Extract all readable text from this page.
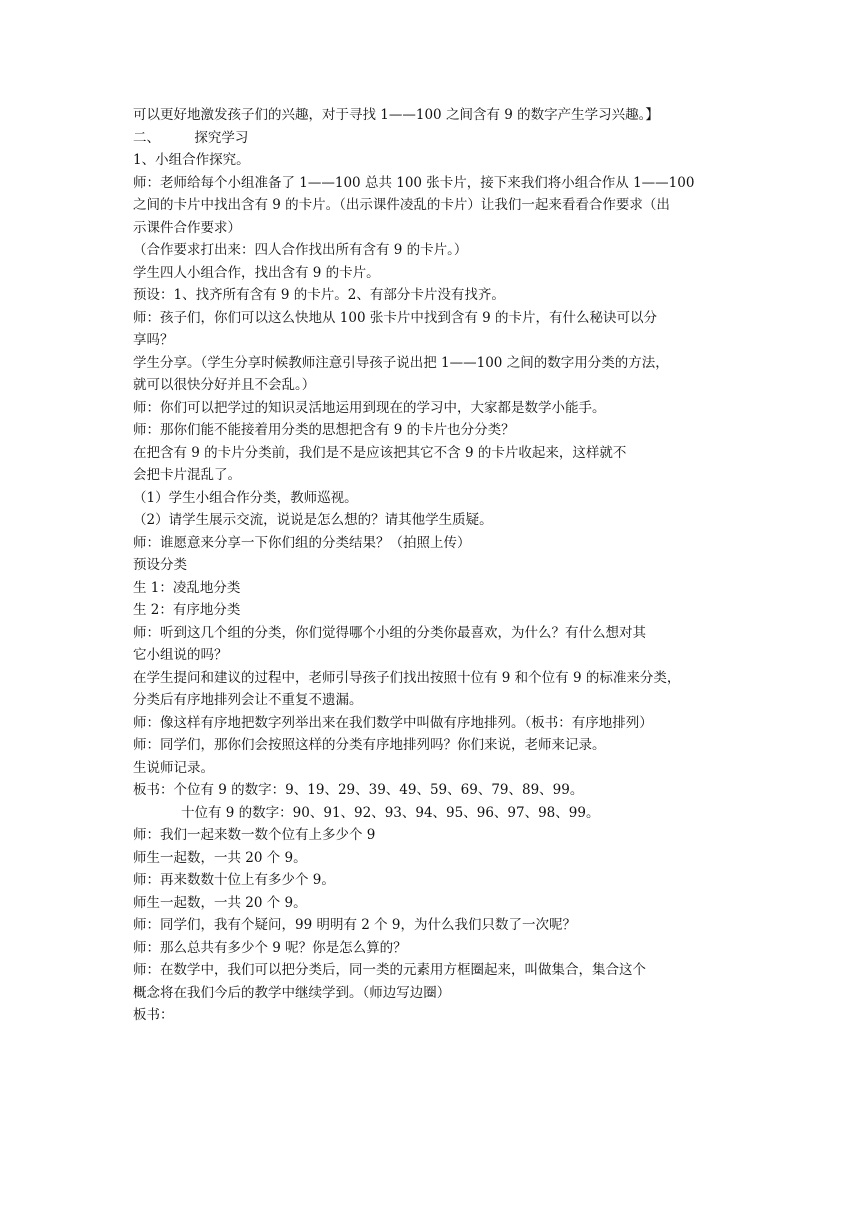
可以更好地激发孩子们的兴趣，对于寻找 1——100 之间含有 9 的数字产生学习兴趣。】
二、        探究学习
1、小组合作探究。
师：老师给每个小组准备了 1——100 总共 100 张卡片，接下来我们将小组合作从 1——100
之间的卡片中找出含有 9 的卡片。（出示课件凌乱的卡片）让我们一起来看看合作要求（出
示课件合作要求）
（合作要求打出来：四人合作找出所有含有 9 的卡片。）
学生四人小组合作，找出含有 9 的卡片。
预设：1、找齐所有含有 9 的卡片。2、有部分卡片没有找齐。
师：孩子们，你们可以这么快地从 100 张卡片中找到含有 9 的卡片，有什么秘诀可以分
享吗？
学生分享。（学生分享时候教师注意引导孩子说出把 1——100 之间的数字用分类的方法，
就可以很快分好并且不会乱。）
师：你们可以把学过的知识灵活地运用到现在的学习中，大家都是数学小能手。
师：那你们能不能接着用分类的思想把含有 9 的卡片也分分类？
在把含有 9 的卡片分类前，我们是不是应该把其它不含 9 的卡片收起来，这样就不
会把卡片混乱了。
（1）学生小组合作分类，教师巡视。
（2）请学生展示交流，说说是怎么想的？请其他学生质疑。
师：谁愿意来分享一下你们组的分类结果？（拍照上传）
预设分类
生 1：凌乱地分类
生 2：有序地分类
师：听到这几个组的分类，你们觉得哪个小组的分类你最喜欢，为什么？有什么想对其
它小组说的吗？
在学生提问和建议的过程中，老师引导孩子们找出按照十位有 9 和个位有 9 的标准来分类，
分类后有序地排列会让不重复不遗漏。
师：像这样有序地把数字列举出来在我们数学中叫做有序地排列。（板书：有序地排列）
师：同学们，那你们会按照这样的分类有序地排列吗？你们来说，老师来记录。
生说师记录。
板书：个位有 9 的数字：9、19、29、39、49、59、69、79、89、99。
十位有 9 的数字：90、91、92、93、94、95、96、97、98、99。
师：我们一起来数一数个位有上多少个 9
师生一起数，一共 20 个 9。
师：再来数数十位上有多少个 9。
师生一起数，一共 20 个 9。
师：同学们，我有个疑问，99 明明有 2 个 9，为什么我们只数了一次呢？
师：那么总共有多少个 9 呢？你是怎么算的？
师：在数学中，我们可以把分类后，同一类的元素用方框圈起来，叫做集合，集合这个
概念将在我们今后的教学中继续学到。（师边写边圈）
板书：
